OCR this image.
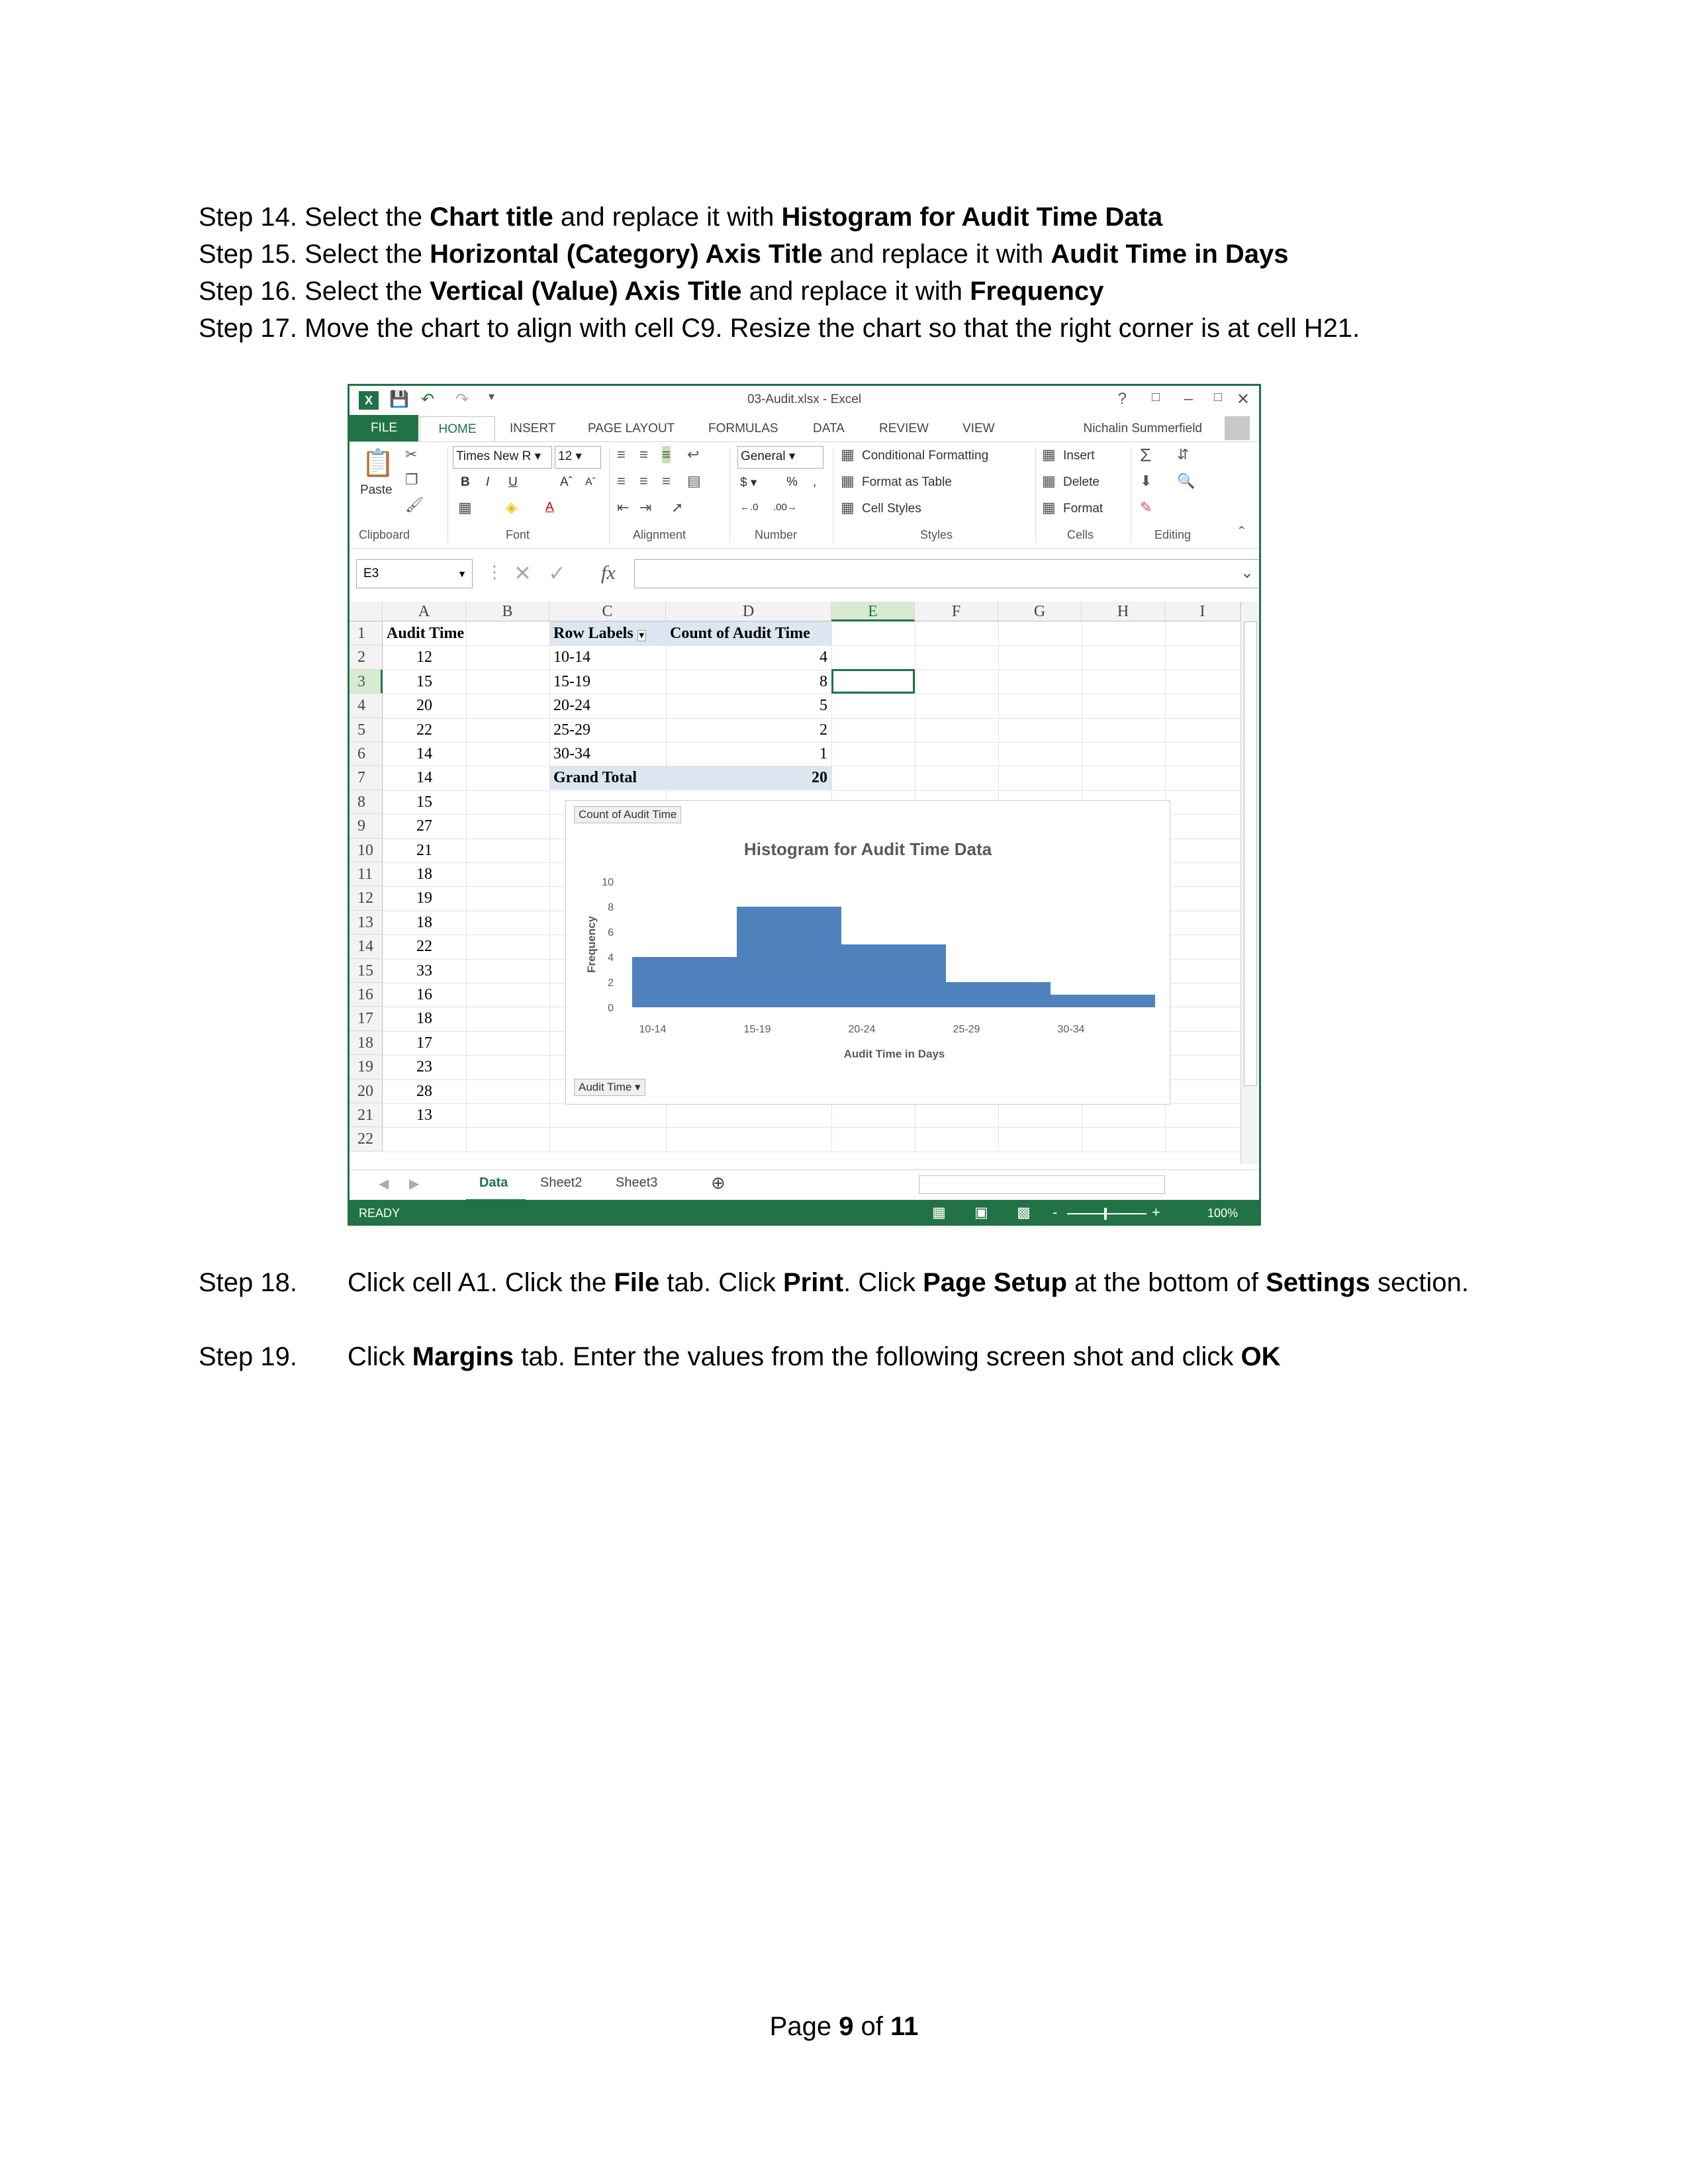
Step 14. Select the Chart title and replace it with Histogram for Audit Time Data
Step 15. Select the Horizontal (Category) Axis Title and replace it with Audit Time in Days
Step 16. Select the Vertical (Value) Axis Title and replace it with Frequency
Step 17. Move the chart to align with cell C9. Resize the chart so that the right corner is at cell H21.
X	💾 ↶ ↷ ▾	03-Audit.xlsx - Excel	? □ – □ ✕
FILE	HOME	INSERT	PAGE LAYOUT	FORMULAS	DATA	REVIEW	VIEW	Nichalin Summerfield
📋
Paste
✂
❐
🖌
Clipboard
Times New R ▾	12 ▾
B I U	Aˆ Aˇ
▦ ◈ A
Font
≡ ≡ ≡ ↩
≡ ≡ ≡ ▤
⇤ ⇥ ➚
Alignment
General ▾
$ ▾ % ,
←.0 .00→
Number
▦ Conditional Formatting
▦ Format as Table
▦ Cell Styles
Styles
▦ Insert
▦ Delete
▦ Format
Cells
Σ ⇵
⬇ 🔍
✎
Editing	⌃
E3	▼ ⋮ ✕ ✓ fx	⌄
A	B	C	D	E	F	G	H	I
1
2
3
4
5
6
7
8
9
10
11
12
13
14
15
16
17
18
19
20
21
22
Audit Time
12
15
20
22
14
14
15
27
21
18
19
18
22
33
16
18
17
23
28
13
Row Labels ▾	Count of Audit Time
10-14	4
15-19	8
20-24	5
25-29	2
30-34	1
Grand Total	20
Count of Audit Time
Audit Time ▾
Histogram for Audit Time Data
0
2
4
6
8
10
10-14	15-19	20-24	25-29	30-34
Audit Time in Days
Frequency
◀ ▶	Data Sheet2	Sheet3	⊕
READY	▦ ▣ ▩ -	+	100%
Step 18. Click cell A1. Click the File tab. Click Print. Click Page Setup at the bottom of Settings section.
Step 19. Click Margins tab. Enter the values from the following screen shot and click OK
Page 9 of 11
